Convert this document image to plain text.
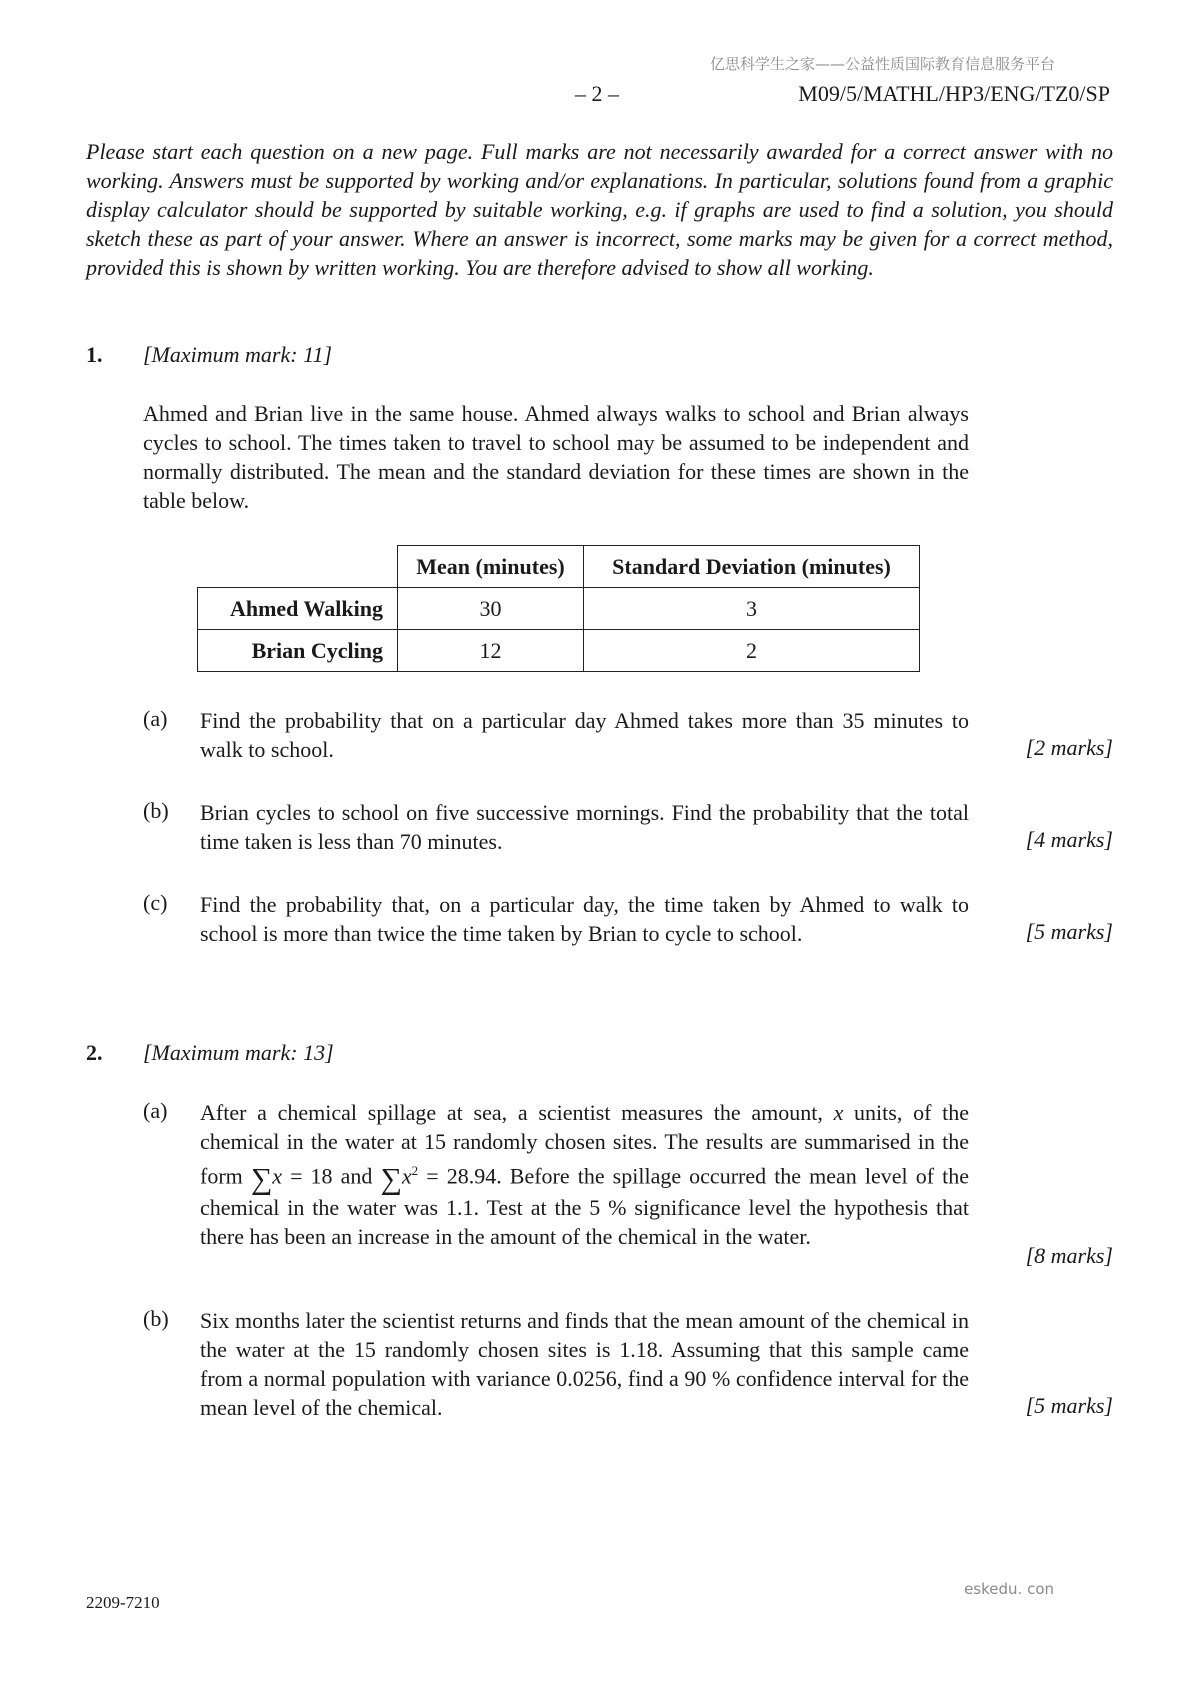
亿思科学生之家——公益性质国际教育信息服务平台
– 2 –	M09/5/MATHL/HP3/ENG/TZ0/SP
Please start each question on a new page. Full marks are not necessarily awarded for a correct answer with no working. Answers must be supported by working and/or explanations. In particular, solutions found from a graphic display calculator should be supported by suitable working, e.g. if graphs are used to find a solution, you should sketch these as part of your answer. Where an answer is incorrect, some marks may be given for a correct method, provided this is shown by written working. You are therefore advised to show all working.
1. [Maximum mark: 11]
Ahmed and Brian live in the same house. Ahmed always walks to school and Brian always cycles to school. The times taken to travel to school may be assumed to be independent and normally distributed. The mean and the standard deviation for these times are shown in the table below.
	Mean (minutes)	Standard Deviation (minutes)
Ahmed Walking	30	3
Brian Cycling	12	2
(a) Find the probability that on a particular day Ahmed takes more than 35 minutes to walk to school.	[2 marks]
(b) Brian cycles to school on five successive mornings. Find the probability that the total time taken is less than 70 minutes.	[4 marks]
(c) Find the probability that, on a particular day, the time taken by Ahmed to walk to school is more than twice the time taken by Brian to cycle to school.	[5 marks]
2. [Maximum mark: 13]
(a) After a chemical spillage at sea, a scientist measures the amount, x units, of the chemical in the water at 15 randomly chosen sites. The results are summarised in the form ∑x = 18 and $\sum x^2 = 28.94$. Before the spillage occurred the mean level of the chemical in the water was 1.1. Test at the 5 % significance level the hypothesis that there has been an increase in the amount of the chemical in the water.
[8 marks]
(b) Six months later the scientist returns and finds that the mean amount of the chemical in the water at the 15 randomly chosen sites is 1.18. Assuming that this sample came from a normal population with variance 0.0256, find a 90 % confidence interval for the mean level of the chemical.	[5 marks]
2209-7210
eskedu. con
